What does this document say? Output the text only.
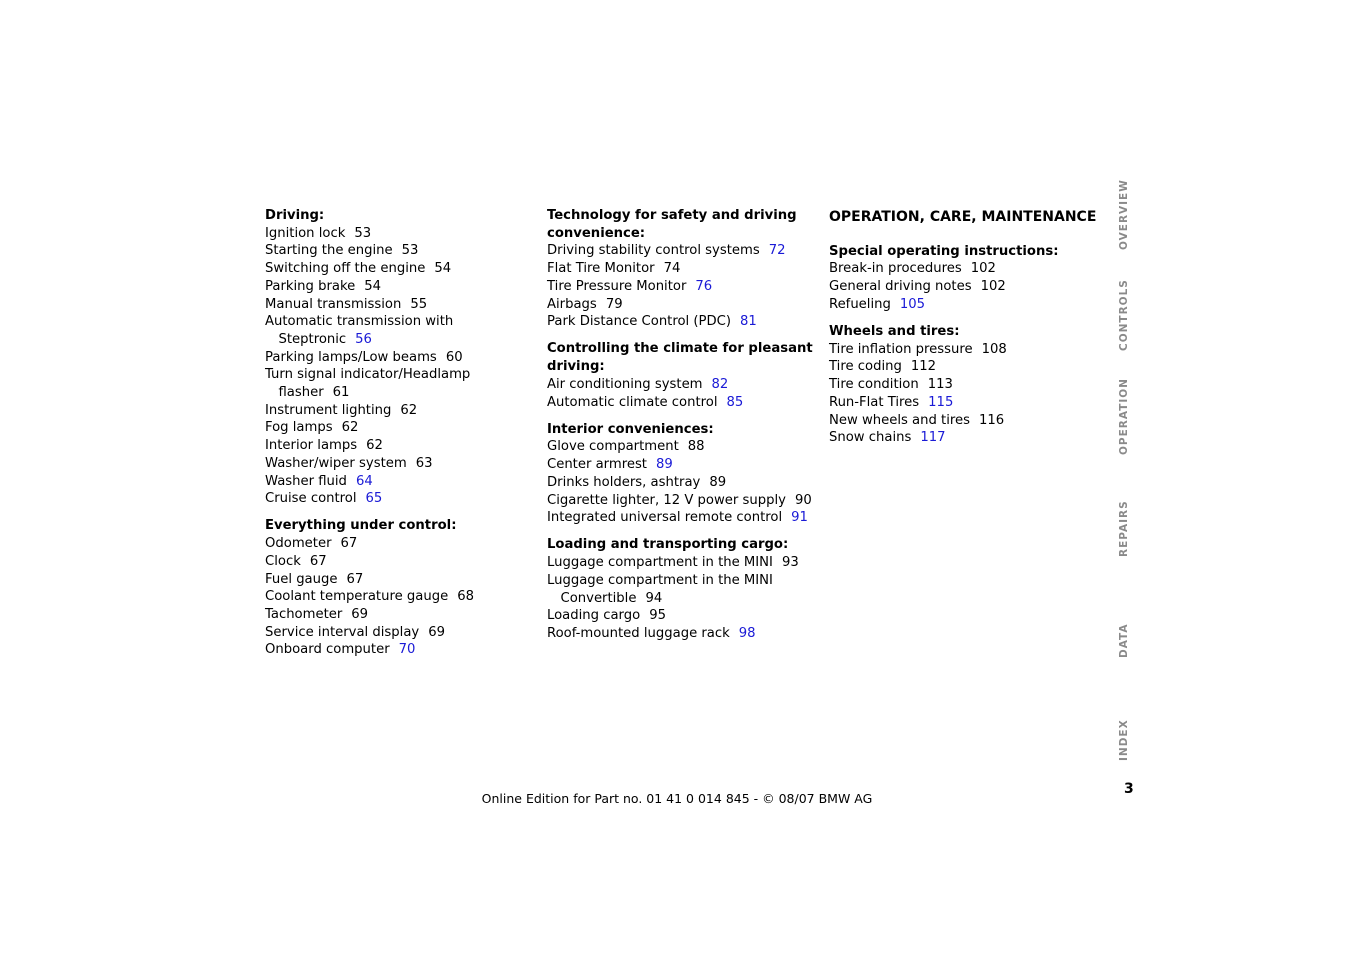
Driving:
Ignition lock 53
Starting the engine 53
Switching off the engine 54
Parking brake 54
Manual transmission 55
Automatic transmission with
Steptronic 56
Parking lamps/Low beams 60
Turn signal indicator/Headlamp
flasher 61
Instrument lighting 62
Fog lamps 62
Interior lamps 62
Washer/wiper system 63
Washer fluid 64
Cruise control 65
Everything under control:
Odometer 67
Clock 67
Fuel gauge 67
Coolant temperature gauge 68
Tachometer 69
Service interval display 69
Onboard computer 70
Technology for safety and driving
convenience:
Driving stability control systems 72
Flat Tire Monitor 74
Tire Pressure Monitor 76
Airbags 79
Park Distance Control (PDC) 81
Controlling the climate for pleasant
driving:
Air conditioning system 82
Automatic climate control 85
Interior conveniences:
Glove compartment 88
Center armrest 89
Drinks holders, ashtray 89
Cigarette lighter, 12 V power supply 90
Integrated universal remote control 91
Loading and transporting cargo:
Luggage compartment in the MINI 93
Luggage compartment in the MINI
Convertible 94
Loading cargo 95
Roof-mounted luggage rack 98
OPERATION, CARE, MAINTENANCE
Special operating instructions:
Break-in procedures 102
General driving notes 102
Refueling 105
Wheels and tires:
Tire inflation pressure 108
Tire coding 112
Tire condition 113
Run-Flat Tires 115
New wheels and tires 116
Snow chains 117
OVERVIEW
CONTROLS
OPERATION
REPAIRS
DATA
INDEX
3
Online Edition for Part no. 01 41 0 014 845 - © 08/07 BMW AG
